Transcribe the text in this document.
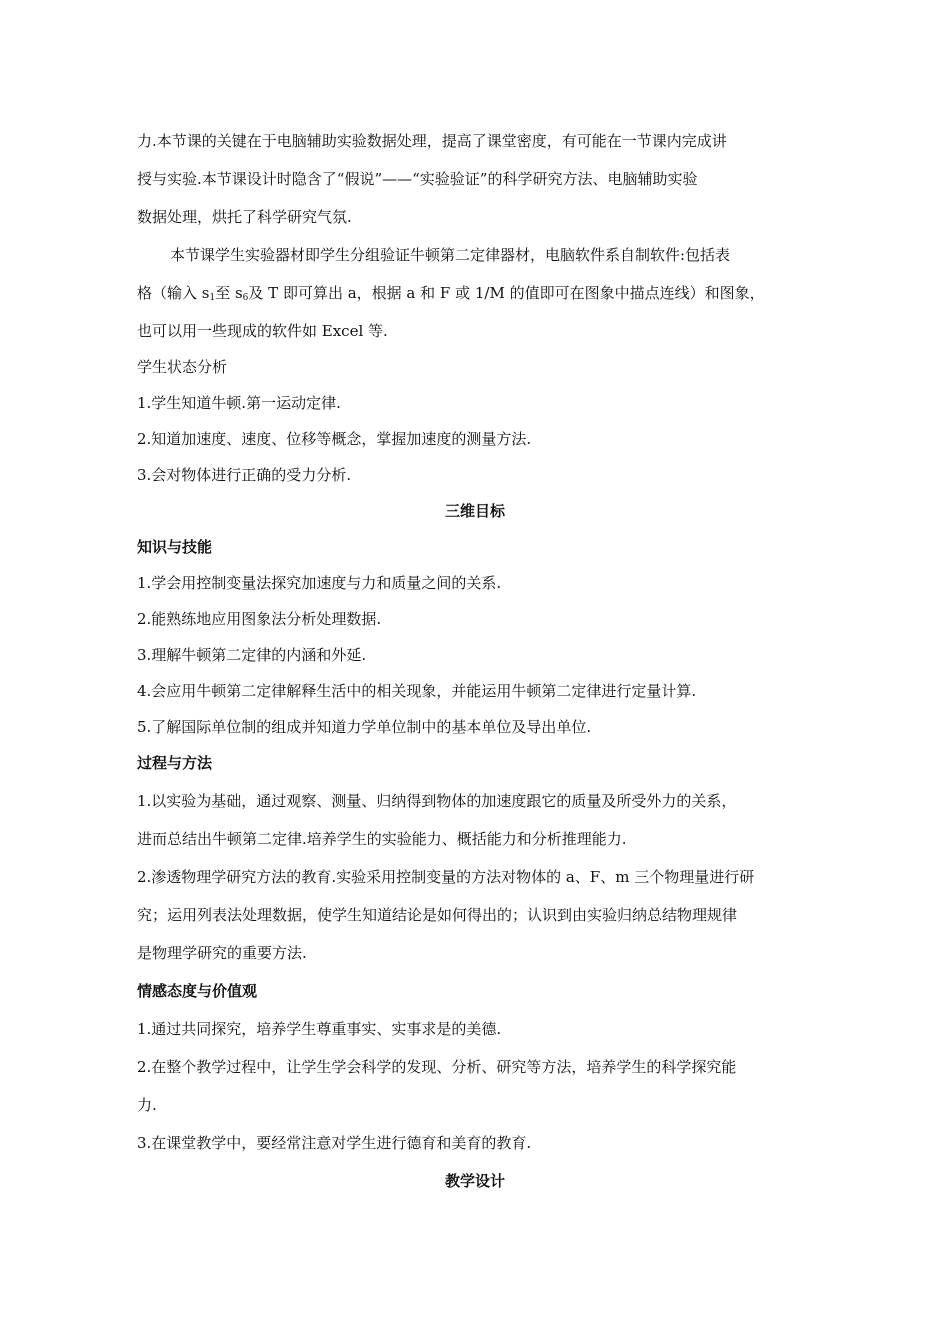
力.本节课的关键在于电脑辅助实验数据处理，提高了课堂密度，有可能在一节课内完成讲
授与实验.本节课设计时隐含了“假说”——“实验验证”的科学研究方法、电脑辅助实验
数据处理，烘托了科学研究气氛.
本节课学生实验器材即学生分组验证牛顿第二定律器材，电脑软件系自制软件:包括表
格（输入 $s_1$至 $s_6$及 T 即可算出 a，根据 a 和 F 或 1/M 的值即可在图象中描点连线）和图象，
也可以用一些现成的软件如 Excel 等.
学生状态分析
1.学生知道牛顿.第一运动定律.
2.知道加速度、速度、位移等概念，掌握加速度的测量方法.
3.会对物体进行正确的受力分析.
三维目标
知识与技能
1.学会用控制变量法探究加速度与力和质量之间的关系.
2.能熟练地应用图象法分析处理数据.
3.理解牛顿第二定律的内涵和外延.
4.会应用牛顿第二定律解释生活中的相关现象，并能运用牛顿第二定律进行定量计算.
5.了解国际单位制的组成并知道力学单位制中的基本单位及导出单位.
过程与方法
1.以实验为基础，通过观察、测量、归纳得到物体的加速度跟它的质量及所受外力的关系，
进而总结出牛顿第二定律.培养学生的实验能力、概括能力和分析推理能力.
2.渗透物理学研究方法的教育.实验采用控制变量的方法对物体的 a、F、m 三个物理量进行研
究；运用列表法处理数据，使学生知道结论是如何得出的；认识到由实验归纳总结物理规律
是物理学研究的重要方法.
情感态度与价值观
1.通过共同探究，培养学生尊重事实、实事求是的美德.
2.在整个教学过程中，让学生学会科学的发现、分析、研究等方法，培养学生的科学探究能
力.
3.在课堂教学中，要经常注意对学生进行德育和美育的教育.
教学设计
